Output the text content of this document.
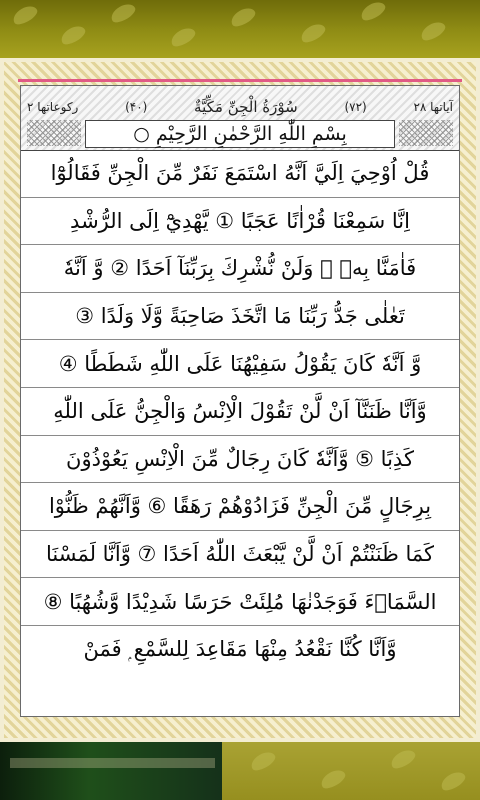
آیاتها ۲۸
(۷۲)
سُوْرَةُ الْجِنِّ مَكِّيَّةٌ
(۴۰)
رکوعاتها ۲
بِسْمِ اللّٰهِ الرَّحْمٰنِ الرَّحِيْمِ ○
قُلْ اُوْحِيَ اِلَيَّ اَنَّهُ اسْتَمَعَ نَفَرٌ مِّنَ الْجِنِّ فَقَالُوْٓا
اِنَّا سَمِعْنَا قُرْاٰنًا عَجَبًا ① يَّهْدِيْٓ اِلَى الرُّشْدِ
فَاٰمَنَّا بِهٖ ۭ وَلَنْ نُّشْرِكَ بِرَبِّنَآ اَحَدًا ② وَّ اَنَّهٗ
تَعٰلٰى جَدُّ رَبِّنَا مَا اتَّخَذَ صَاحِبَةً وَّلَا وَلَدًا ③
وَّ اَنَّهٗ كَانَ يَقُوْلُ سَفِيْهُنَا عَلَى اللّٰهِ شَطَطًا ④
وَّاَنَّا ظَنَنَّآ اَنْ لَّنْ تَقُوْلَ الْاِنْسُ وَالْجِنُّ عَلَى اللّٰهِ
كَذِبًا ⑤ وَّاَنَّهٗ كَانَ رِجَالٌ مِّنَ الْاِنْسِ يَعُوْذُوْنَ
بِرِجَالٍ مِّنَ الْجِنِّ فَزَادُوْهُمْ رَهَقًا ⑥ وَّاَنَّهُمْ ظَنُّوْا
كَمَا ظَنَنْتُمْ اَنْ لَّنْ يَّبْعَثَ اللّٰهُ اَحَدًا ⑦ وَّاَنَّا لَمَسْنَا
السَّمَاۗءَ فَوَجَدْنٰهَا مُلِئَتْ حَرَسًا شَدِيْدًا وَّشُهُبًا ⑧
وَّاَنَّا كُنَّا نَقْعُدُ مِنْهَا مَقَاعِدَ لِلسَّمْعِ ۭ فَمَنْ
